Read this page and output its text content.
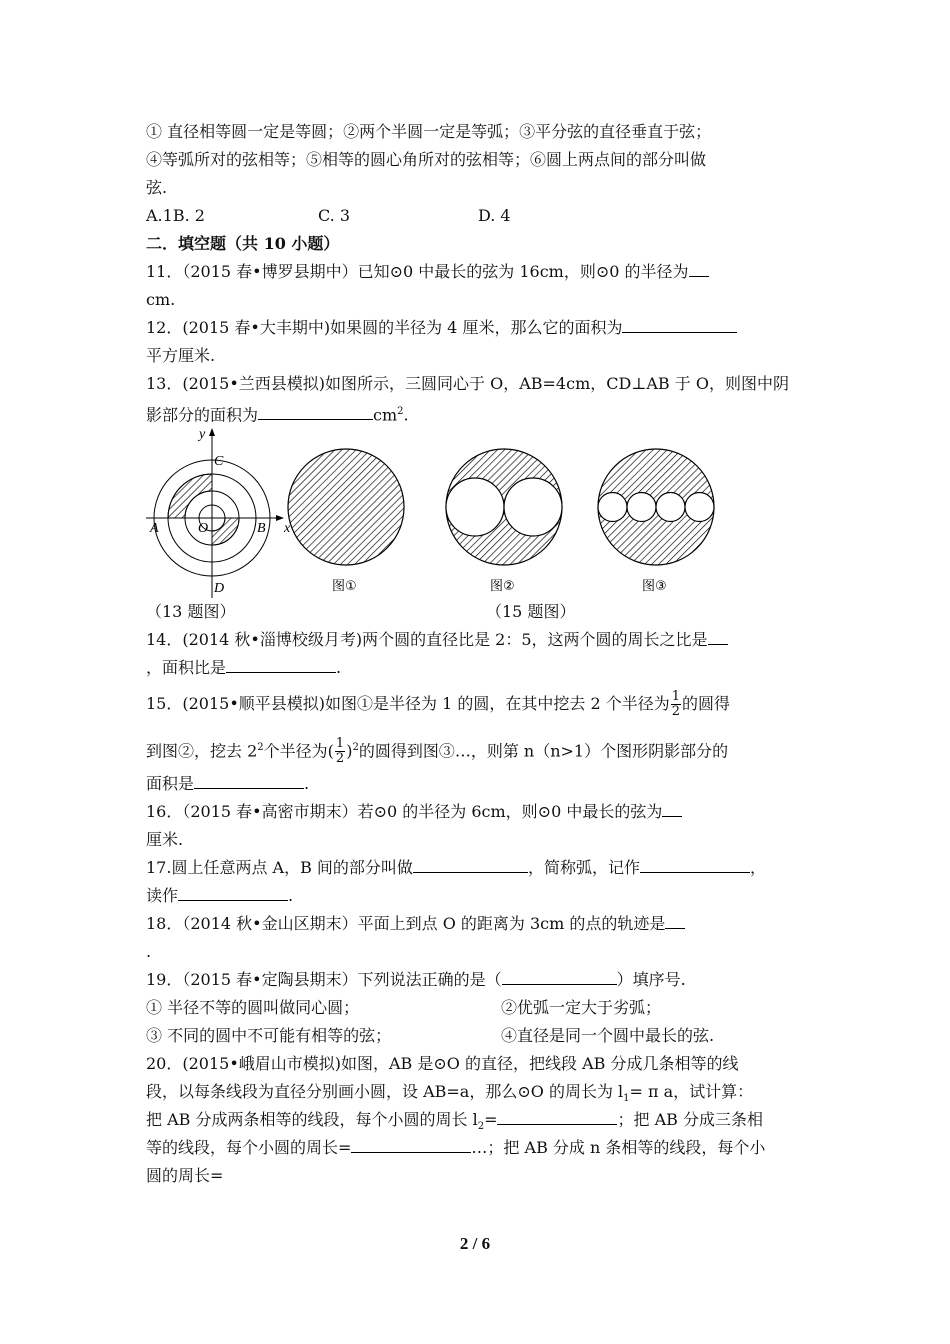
① 直径相等圆一定是等圆；②两个半圆一定是等弧；③平分弦的直径垂直于弦；
④等弧所对的弦相等；⑤相等的圆心角所对的弦相等；⑥圆上两点间的部分叫做
弦.
A.1B. 2	C. 3	D. 4
二．填空题（共 10 小题）
11．（2015 春•博罗县期中）已知⊙0 中最长的弦为 16cm，则⊙0 的半径为
cm.
12．(2015 春•大丰期中)如果圆的半径为 4 厘米，那么它的面积为
平方厘米.
13．(2015•兰西县模拟)如图所示，三圆同心于 O，AB=4cm，CD⊥AB 于 O，则图中阴
影部分的面积为	$cm^2$.
y
x
C
A	O	B
D	图①	图②	图③
（13 题图）	（15 题图）
14．(2014 秋•淄博校级月考)两个圆的直径比是 2：5，这两个圆的周长之比是
，面积比是	.
15．(2015•顺平县模拟)如图①是半径为 1 的圆，在其中挖去 2 个半径为 $\frac{1}{2}$ 的圆得
到图②，挖去 $2^2$个半径为( $\frac{1}{2} )^2$的圆得到图③…，则第 n（n>1）个图形阴影部分的
面积是	.
16．（2015 春•高密市期末）若⊙0 的半径为 6cm，则⊙0 中最长的弦为
厘米.
17.圆上任意两点 A，B 间的部分叫做	，简称弧，记作	，
读作	.
18．（2014 秋•金山区期末）平面上到点 O 的距离为 3cm 的点的轨迹是
.
19．（2015 春•定陶县期末）下列说法正确的是（	）填序号.
① 半径不等的圆叫做同心圆；	②优弧一定大于劣弧；
③ 不同的圆中不可能有相等的弦；	④直径是同一个圆中最长的弦.
20．(2015•峨眉山市模拟)如图，AB 是⊙O 的直径，把线段 AB 分成几条相等的线
段，以每条线段为直径分别画小圆，设 AB=a，那么⊙O 的周长为 $l_1= \pi$ a，试计算：
把 AB 分成两条相等的线段，每个小圆的周长 $l_2=$	；把 AB 分成三条相
等的线段，每个小圆的周长=	…；把 AB 分成 n 条相等的线段，每个小
圆的周长=
2 / 6
